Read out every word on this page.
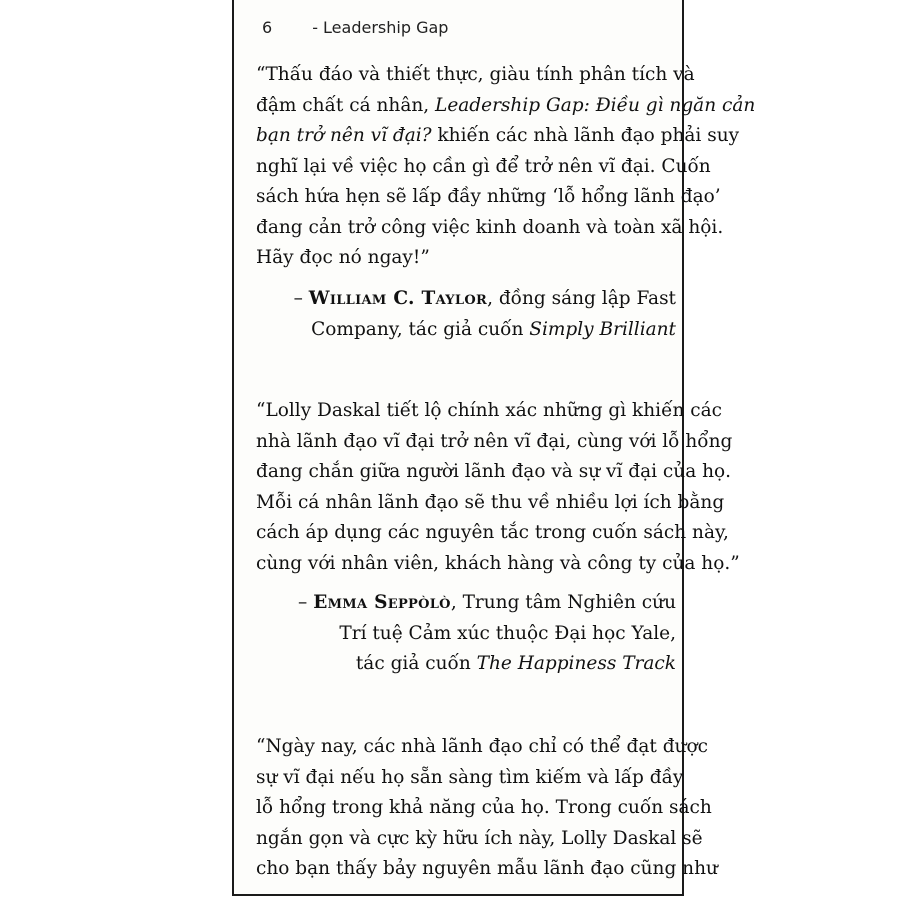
6	- Leadership Gap
“Thấu đáo và thiết thực, giàu tính phân tích và
đậm chất cá nhân, Leadership Gap: Điều gì ngăn cản
bạn trở nên vĩ đại? khiến các nhà lãnh đạo phải suy
nghĩ lại về việc họ cần gì để trở nên vĩ đại. Cuốn
sách hứa hẹn sẽ lấp đầy những ‘lỗ hổng lãnh đạo’
đang cản trở công việc kinh doanh và toàn xã hội.
Hãy đọc nó ngay!”
– William C. Taylor, đồng sáng lập Fast
Company, tác giả cuốn Simply Brilliant
“Lolly Daskal tiết lộ chính xác những gì khiến các
nhà lãnh đạo vĩ đại trở nên vĩ đại, cùng với lỗ hổng
đang chắn giữa người lãnh đạo và sự vĩ đại của họ.
Mỗi cá nhân lãnh đạo sẽ thu về nhiều lợi ích bằng
cách áp dụng các nguyên tắc trong cuốn sách này,
cùng với nhân viên, khách hàng và công ty của họ.”
– Emma Seppòlò, Trung tâm Nghiên cứu
Trí tuệ Cảm xúc thuộc Đại học Yale,
tác giả cuốn The Happiness Track
“Ngày nay, các nhà lãnh đạo chỉ có thể đạt được
sự vĩ đại nếu họ sẵn sàng tìm kiếm và lấp đầy
lỗ hổng trong khả năng của họ. Trong cuốn sách
ngắn gọn và cực kỳ hữu ích này, Lolly Daskal sẽ
cho bạn thấy bảy nguyên mẫu lãnh đạo cũng như
